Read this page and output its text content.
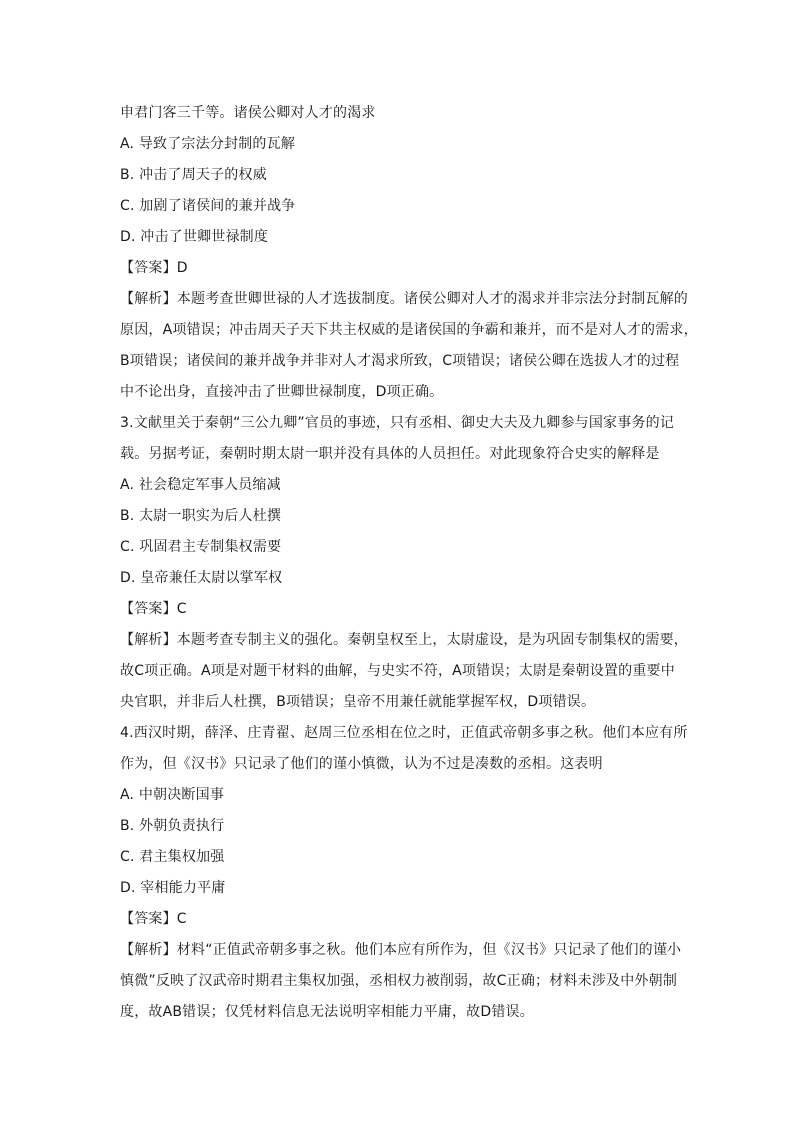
申君门客三千等。诸侯公卿对人才的渴求
A. 导致了宗法分封制的瓦解
B. 冲击了周天子的权威
C. 加剧了诸侯间的兼并战争
D. 冲击了世卿世禄制度
【答案】D
【解析】本题考查世卿世禄的人才选拔制度。诸侯公卿对人才的渴求并非宗法分封制瓦解的
原因，A项错误；冲击周天子天下共主权威的是诸侯国的争霸和兼并，而不是对人才的需求，
B项错误；诸侯间的兼并战争并非对人才渴求所致，C项错误；诸侯公卿在选拔人才的过程
中不论出身，直接冲击了世卿世禄制度，D项正确。
3.文献里关于秦朝“三公九卿”官员的事迹，只有丞相、御史大夫及九卿参与国家事务的记
载。另据考证，秦朝时期太尉一职并没有具体的人员担任。对此现象符合史实的解释是
A. 社会稳定军事人员缩减
B. 太尉一职实为后人杜撰
C. 巩固君主专制集权需要
D. 皇帝兼任太尉以掌军权
【答案】C
【解析】本题考查专制主义的强化。秦朝皇权至上，太尉虚设，是为巩固专制集权的需要，
故C项正确。A项是对题干材料的曲解，与史实不符，A项错误；太尉是秦朝设置的重要中
央官职，并非后人杜撰，B项错误；皇帝不用兼任就能掌握军权，D项错误。
4.西汉时期，薛泽、庄青翟、赵周三位丞相在位之时，正值武帝朝多事之秋。他们本应有所
作为，但《汉书》只记录了他们的谨小慎微，认为不过是凑数的丞相。这表明
A. 中朝决断国事
B. 外朝负责执行
C. 君主集权加强
D. 宰相能力平庸
【答案】C
【解析】材料“正值武帝朝多事之秋。他们本应有所作为，但《汉书》只记录了他们的谨小
慎微”反映了汉武帝时期君主集权加强，丞相权力被削弱，故C正确；材料未涉及中外朝制
度，故AB错误；仅凭材料信息无法说明宰相能力平庸，故D错误。
